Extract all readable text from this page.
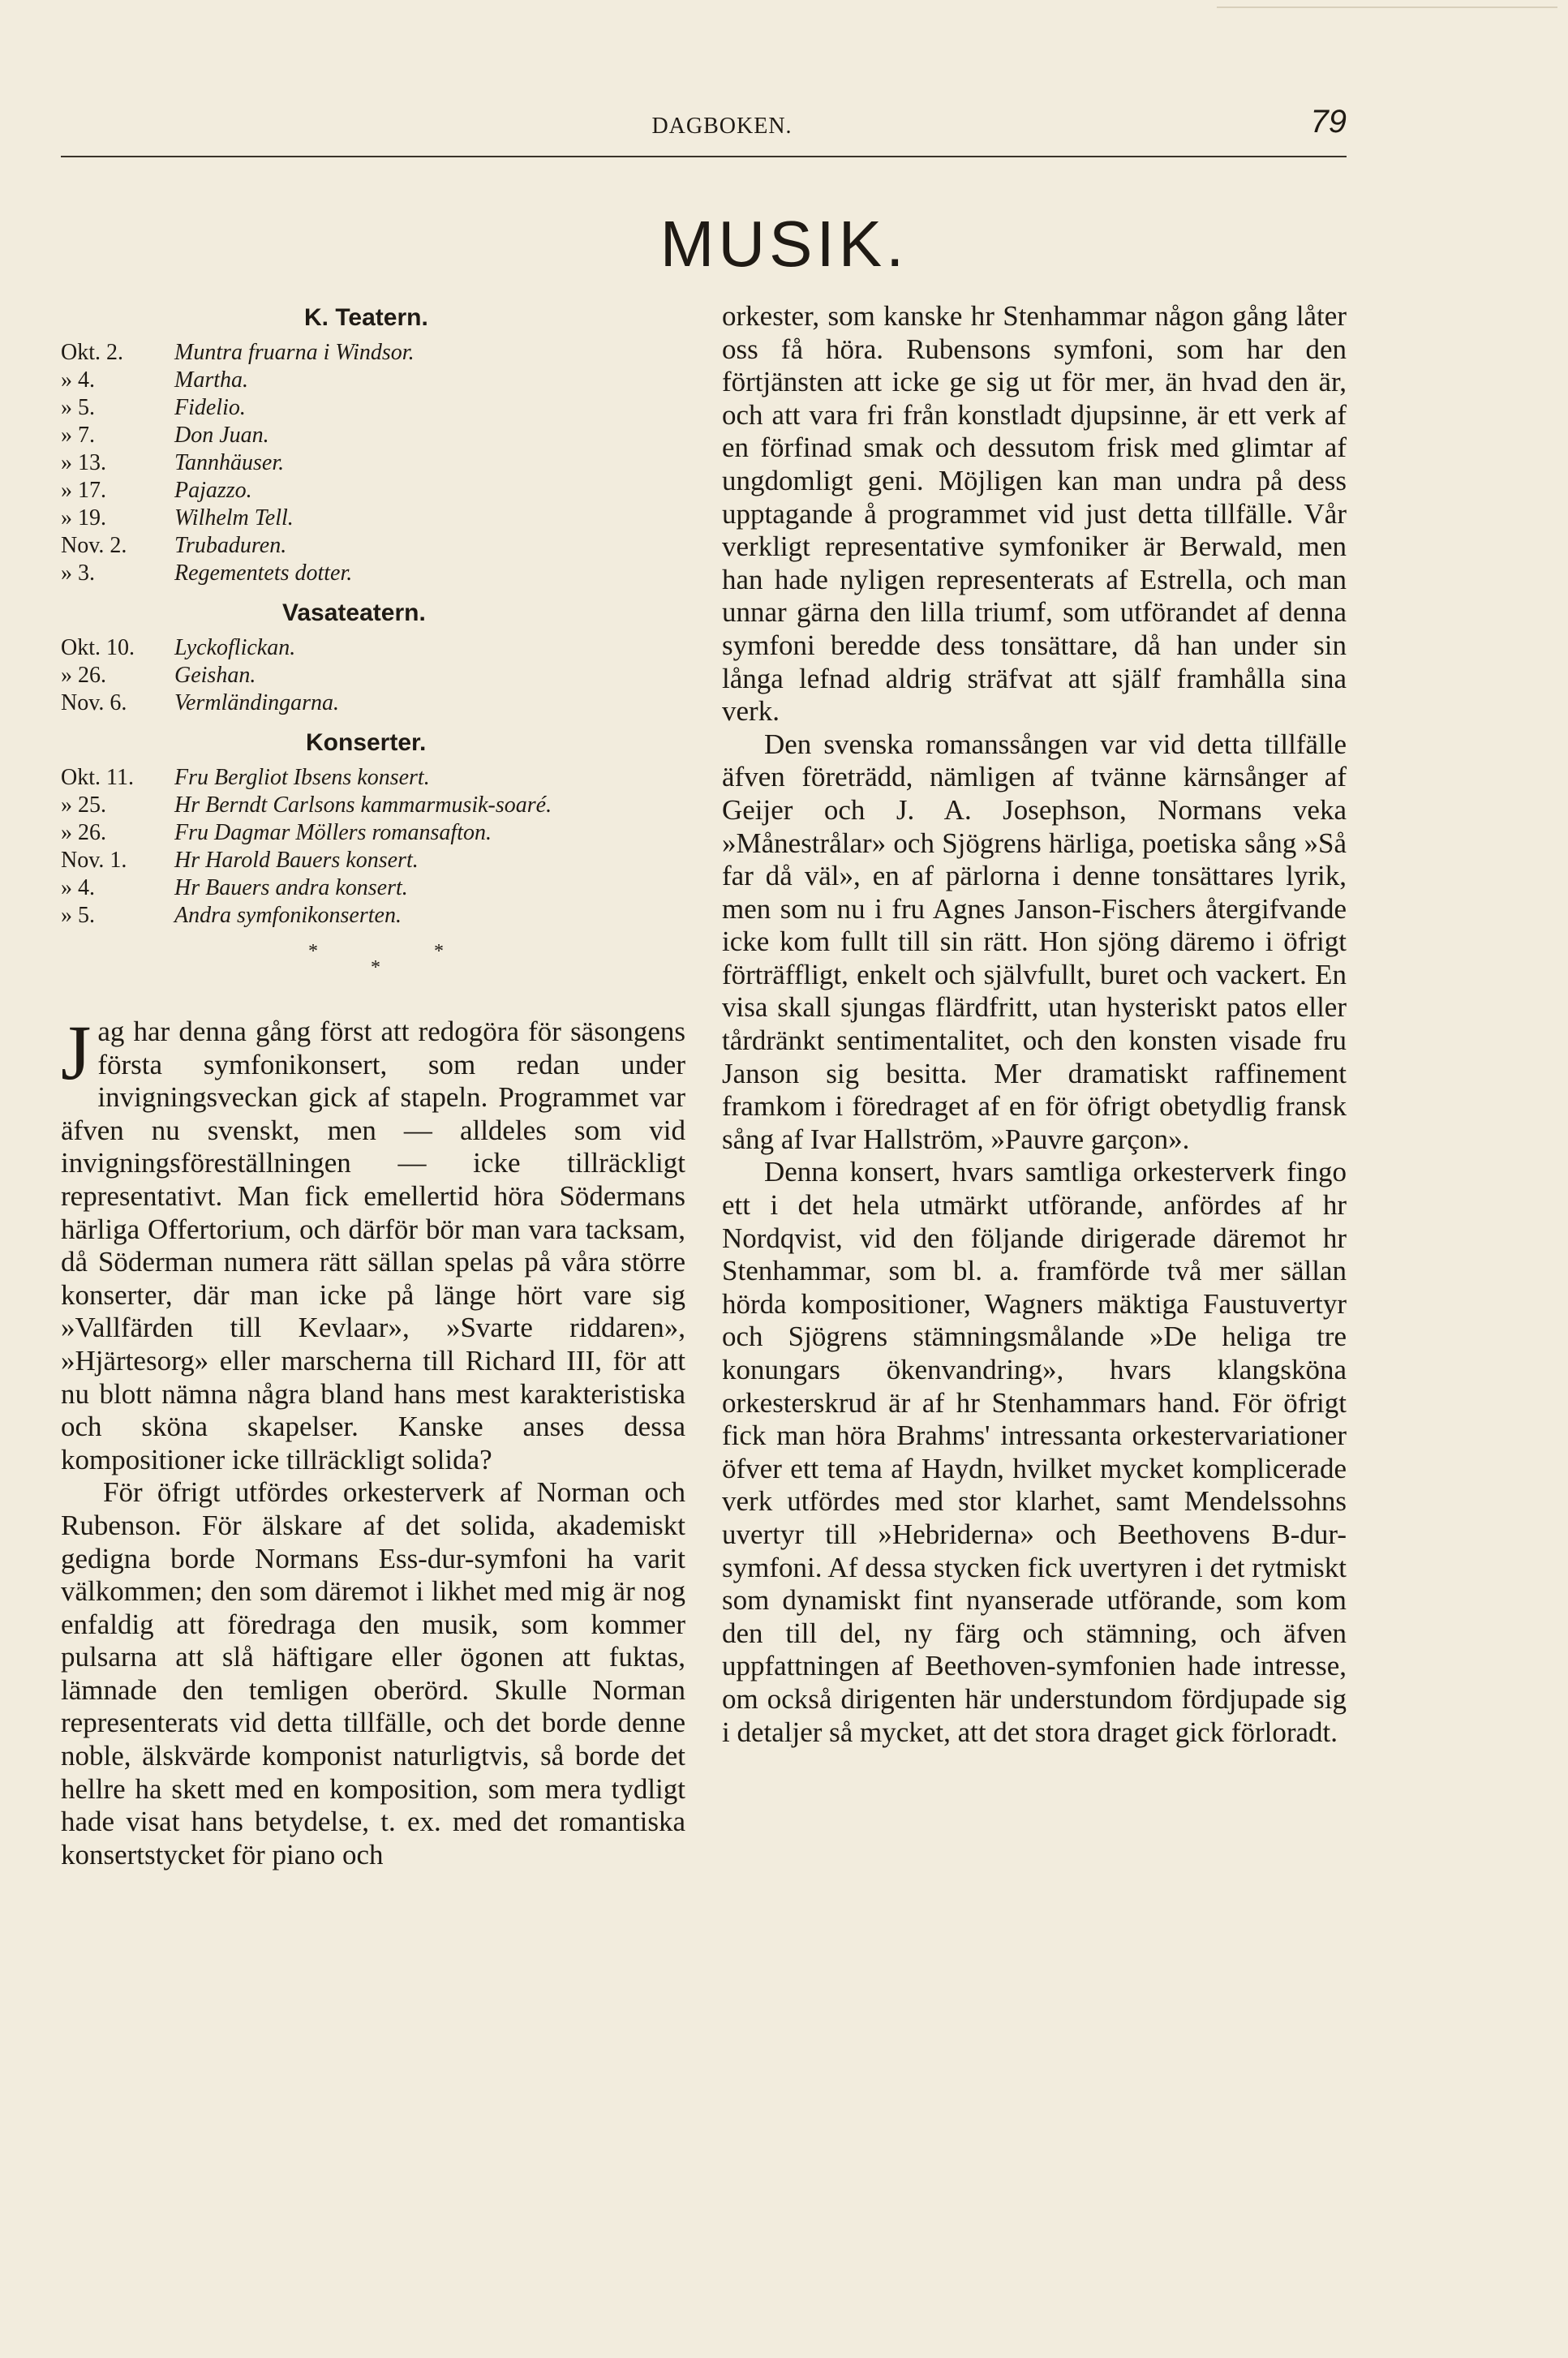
DAGBOKEN.	79
MUSIK.
K. Teatern.
Okt. 2.	Muntra fruarna i Windsor.
» 4.	Martha.
» 5.	Fidelio.
» 7.	Don Juan.
» 13.	Tannhäuser.
» 17.	Pajazzo.
» 19.	Wilhelm Tell.
Nov. 2.	Trubaduren.
» 3.	Regementets dotter.
Vasateatern.
Okt. 10.	Lyckoflickan.
» 26.	Geishan.
Nov. 6.	Vermländingarna.
Konserter.
Okt. 11.	Fru Bergliot Ibsens konsert.
» 25.	Hr Berndt Carlsons kammarmusik-soaré.
» 26.	Fru Dagmar Möllers romansafton.
Nov. 1.	Hr Harold Bauers konsert.
» 4.	Hr Bauers andra konsert.
» 5.	Andra symfonikonserten.
*	*
*

Jag har denna gång först att redogöra för säsongens första symfonikonsert, som redan under invigningsveckan gick af stapeln. Programmet var äfven nu svenskt, men — alldeles som vid invigningsföreställningen — icke tillräckligt representativt. Man fick emellertid höra Södermans härliga Offertorium, och därför bör man vara tacksam, då Söderman numera rätt sällan spelas på våra större konserter, där man icke på länge hört vare sig »Vallfärden till Kevlaar», »Svarte riddaren», »Hjärtesorg» eller marscherna till Richard III, för att nu blott nämna några bland hans mest karakteristiska och sköna skapelser. Kanske anses dessa kompositioner icke tillräckligt solida?

För öfrigt utfördes orkesterverk af Norman och Rubenson. För älskare af det solida, akademiskt gedigna borde Normans Ess-dur-symfoni ha varit välkommen; den som däremot i likhet med mig är nog enfaldig att föredraga den musik, som kommer pulsarna att slå häftigare eller ögonen att fuktas, lämnade den temligen oberörd. Skulle Norman representerats vid detta tillfälle, och det borde denne noble, älskvärde komponist naturligtvis, så borde det hellre ha skett med en komposition, som mera tydligt hade visat hans betydelse, t. ex. med det romantiska konsertstycket för piano och

orkester, som kanske hr Stenhammar någon gång låter oss få höra. Rubensons symfoni, som har den förtjänsten att icke ge sig ut för mer, än hvad den är, och att vara fri från konstladt djupsinne, är ett verk af en förfinad smak och dessutom frisk med glimtar af ungdomligt geni. Möjligen kan man undra på dess upptagande å programmet vid just detta tillfälle. Vår verkligt representative symfoniker är Berwald, men han hade nyligen representerats af Estrella, och man unnar gärna den lilla triumf, som utförandet af denna symfoni beredde dess tonsättare, då han under sin långa lefnad aldrig sträfvat att själf framhålla sina verk.

Den svenska romanssången var vid detta tillfälle äfven företrädd, nämligen af tvänne kärnsånger af Geijer och J. A. Josephson, Normans veka »Månestrålar» och Sjögrens härliga, poetiska sång »Så far då väl», en af pärlorna i denne tonsättares lyrik, men som nu i fru Agnes Janson-Fischers återgifvande icke kom fullt till sin rätt. Hon sjöng däremo i öfrigt förträffligt, enkelt och självfullt, buret och vackert. En visa skall sjungas flärdfritt, utan hysteriskt patos eller tårdränkt sentimentalitet, och den konsten visade fru Janson sig besitta. Mer dramatiskt raffinement framkom i föredraget af en för öfrigt obetydlig fransk sång af Ivar Hallström, »Pauvre garçon».

Denna konsert, hvars samtliga orkesterverk fingo ett i det hela utmärkt utförande, anfördes af hr Nordqvist, vid den följande dirigerade däremot hr Stenhammar, som bl. a. framförde två mer sällan hörda kompositioner, Wagners mäktiga Faustuvertyr och Sjögrens stämningsmålande »De heliga tre konungars ökenvandring», hvars klangsköna orkesterskrud är af hr Stenhammars hand. För öfrigt fick man höra Brahms' intressanta orkestervariationer öfver ett tema af Haydn, hvilket mycket komplicerade verk utfördes med stor klarhet, samt Mendelssohns uvertyr till »Hebriderna» och Beethovens B-dur-symfoni. Af dessa stycken fick uvertyren i det rytmiskt som dynamiskt fint nyanserade utförande, som kom den till del, ny färg och stämning, och äfven uppfattningen af Beethoven-symfonien hade intresse, om också dirigenten här understundom fördjupade sig i detaljer så mycket, att det stora draget gick förloradt.
